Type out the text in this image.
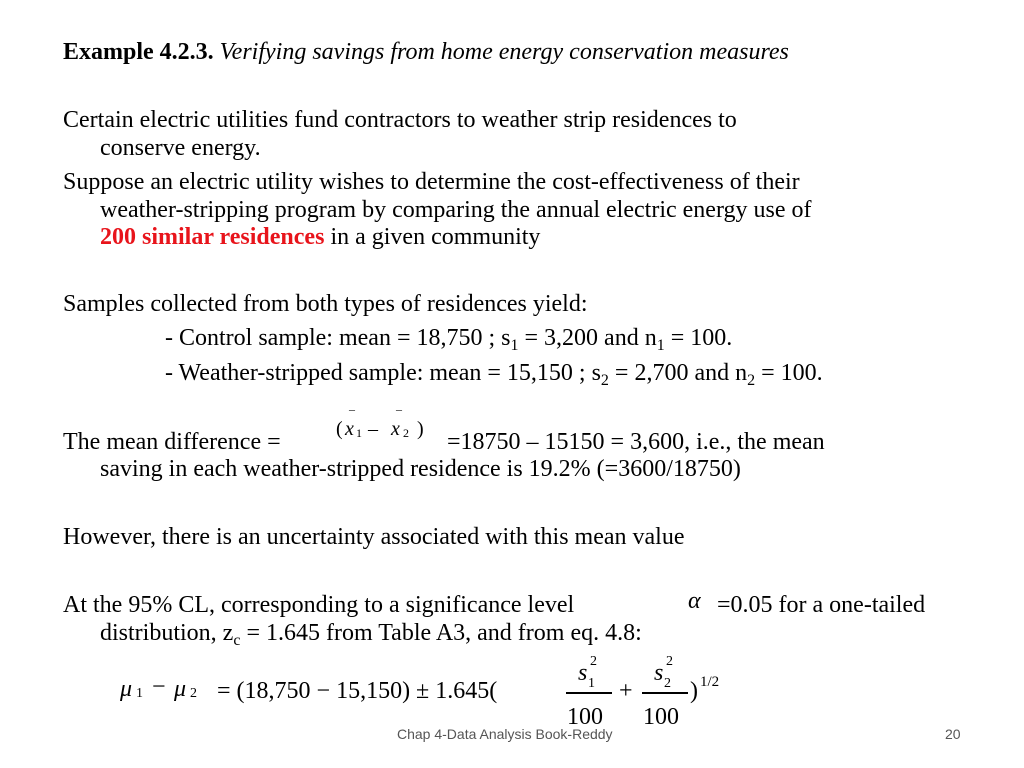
Example 4.2.3. Verifying savings from home energy conservation measures
Certain electric utilities fund contractors to weather strip residences to
conserve energy.
Suppose an electric utility wishes to determine the cost-effectiveness of their
weather-stripping program by comparing the annual electric energy use of
200 similar residences in a given community
Samples collected from both types of residences yield:
- Control sample: mean = 18,750 ; $s_1 = 3,200$ and $n_1 = 100$.
- Weather-stripped sample: mean = 15,150 ; $s_2 = 2,700$ and $n_2 = 100$.
The mean difference =
–	–
( x 1 – x 2 ) =18750 – 15150 = 3,600, i.e., the mean
saving in each weather-stripped residence is 19.2% (=3600/18750)
However, there is an uncertainty associated with this mean value
At the 95% CL, corresponding to a significance level	α =0.05 for a one-tailed
distribution, $z_c = 1.645$ from Table A3, and from eq. 4.8:
μ 1 − μ 2 = (18,750 − 15,150) ± 1.645(
s 2
1
100
+
s 2
2
100
) 1/2
Chap 4-Data Analysis Book-Reddy	20
